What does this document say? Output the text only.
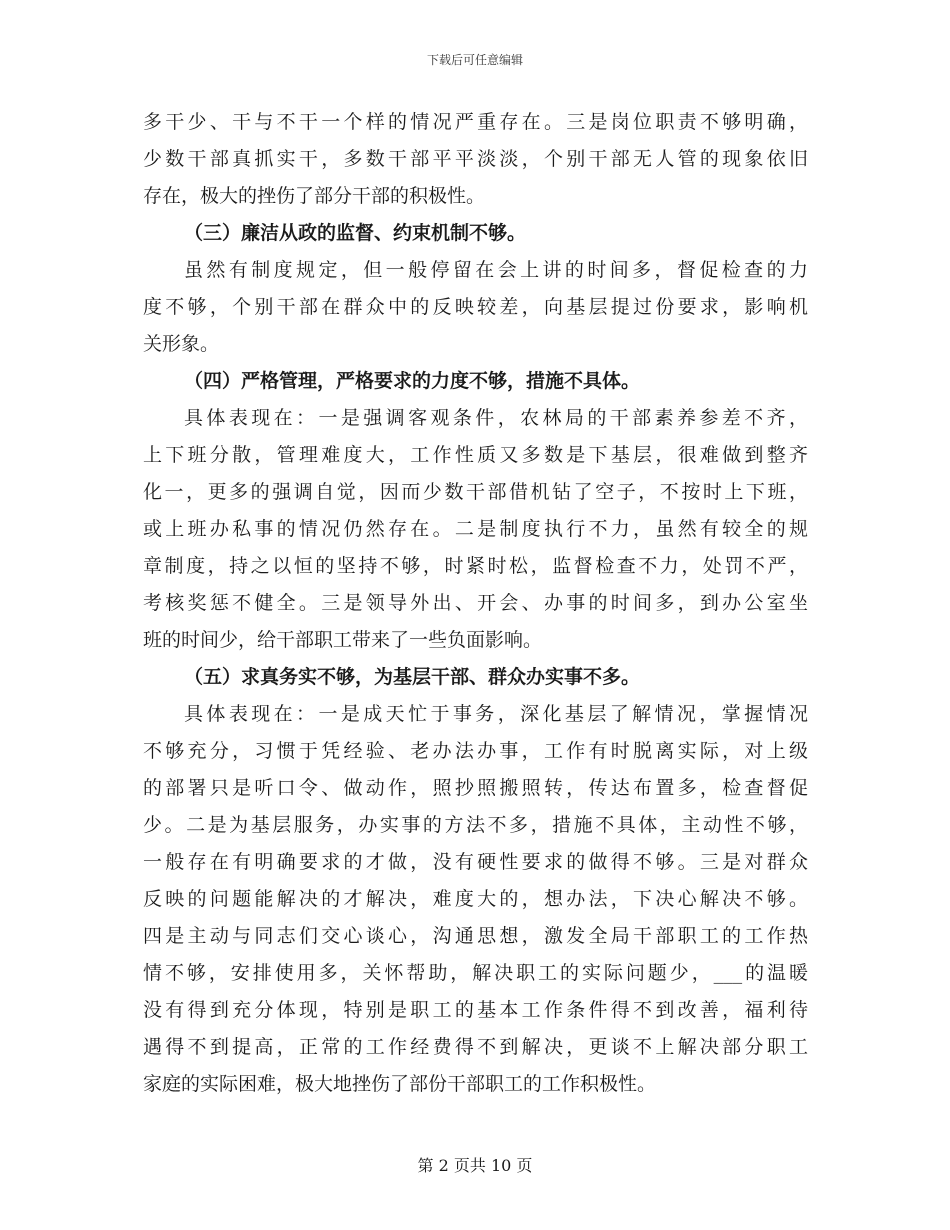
下载后可任意编辑
多干少、干与不干一个样的情况严重存在。三是岗位职责不够明确，
少数干部真抓实干，多数干部平平淡淡，个别干部无人管的现象依旧
存在，极大的挫伤了部分干部的积极性。
（三）廉洁从政的监督、约束机制不够。
虽然有制度规定，但一般停留在会上讲的时间多，督促检查的力
度不够，个别干部在群众中的反映较差，向基层提过份要求，影响机
关形象。
（四）严格管理，严格要求的力度不够，措施不具体。
具体表现在：一是强调客观条件，农林局的干部素养参差不齐，
上下班分散，管理难度大，工作性质又多数是下基层，很难做到整齐
化一，更多的强调自觉，因而少数干部借机钻了空子，不按时上下班，
或上班办私事的情况仍然存在。二是制度执行不力，虽然有较全的规
章制度，持之以恒的坚持不够，时紧时松，监督检查不力，处罚不严，
考核奖惩不健全。三是领导外出、开会、办事的时间多，到办公室坐
班的时间少，给干部职工带来了一些负面影响。
（五）求真务实不够，为基层干部、群众办实事不多。
具体表现在：一是成天忙于事务，深化基层了解情况，掌握情况
不够充分，习惯于凭经验、老办法办事，工作有时脱离实际，对上级
的部署只是听口令、做动作，照抄照搬照转，传达布置多，检查督促
少。二是为基层服务，办实事的方法不多，措施不具体，主动性不够，
一般存在有明确要求的才做，没有硬性要求的做得不够。三是对群众
反映的问题能解决的才解决，难度大的，想办法，下决心解决不够。
四是主动与同志们交心谈心，沟通思想，激发全局干部职工的工作热
情不够，安排使用多，关怀帮助，解决职工的实际问题少，___的温暖
没有得到充分体现，特别是职工的基本工作条件得不到改善，福利待
遇得不到提高，正常的工作经费得不到解决，更谈不上解决部分职工
家庭的实际困难，极大地挫伤了部份干部职工的工作积极性。
第 2 页共 10 页
